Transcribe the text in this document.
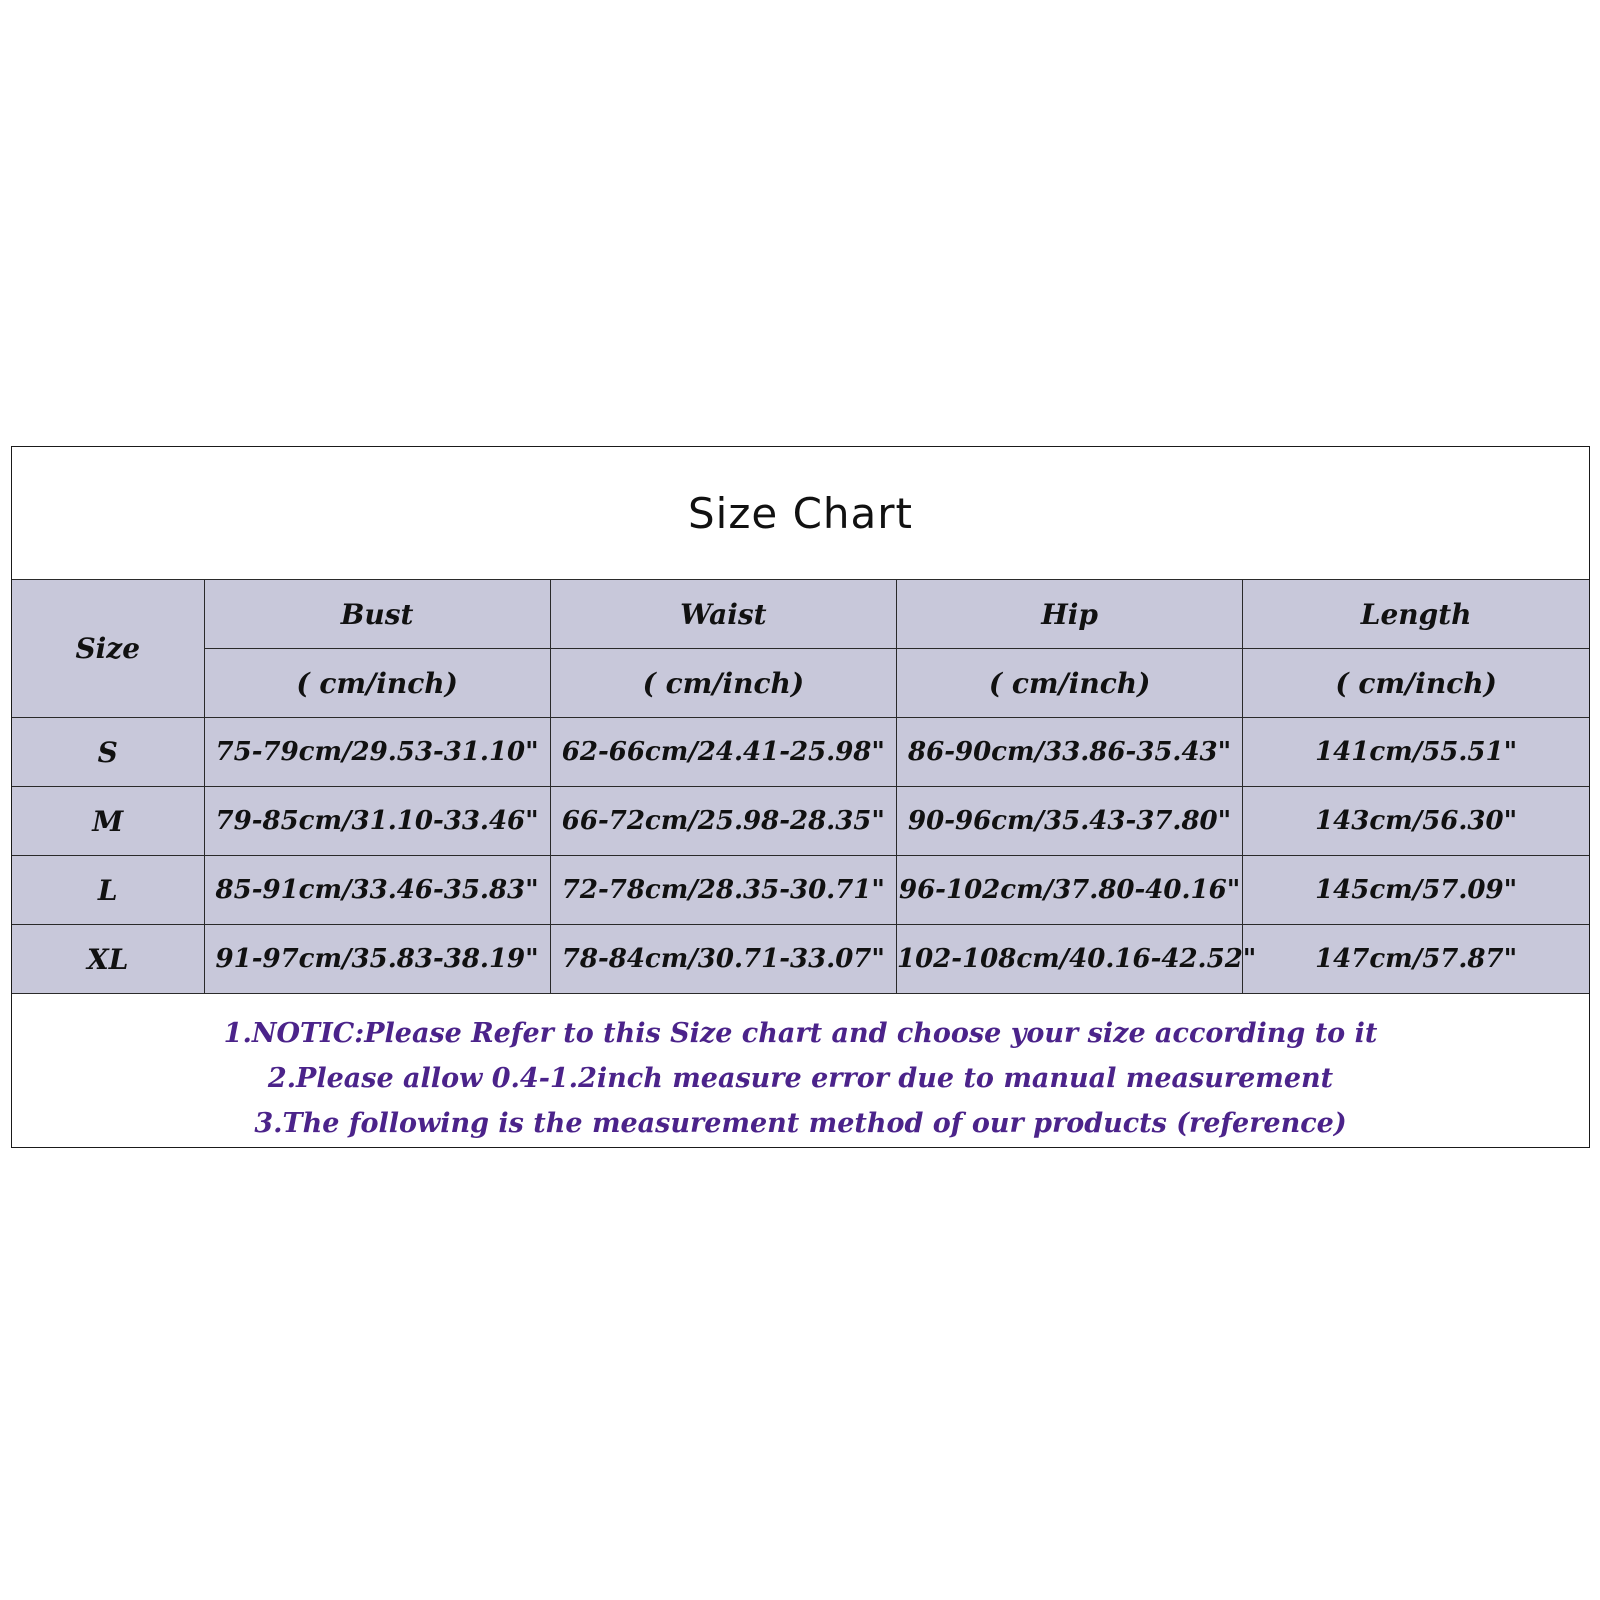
Size Chart
Size	Bust	Waist	Hip	Length
	( cm/inch)	( cm/inch)	( cm/inch)	( cm/inch)
S	75-79cm/29.53-31.10"	62-66cm/24.41-25.98"	86-90cm/33.86-35.43"	141cm/55.51"
M	79-85cm/31.10-33.46"	66-72cm/25.98-28.35"	90-96cm/35.43-37.80"	143cm/56.30"
L	85-91cm/33.46-35.83"	72-78cm/28.35-30.71"	96-102cm/37.80-40.16"	145cm/57.09"
XL	91-97cm/35.83-38.19"	78-84cm/30.71-33.07"	102-108cm/40.16-42.52"	147cm/57.87"
1.NOTIC:Please Refer to this Size chart and choose your size according to it
2.Please allow 0.4-1.2inch measure error due to manual measurement
3.The following is the measurement method of our products (reference)
